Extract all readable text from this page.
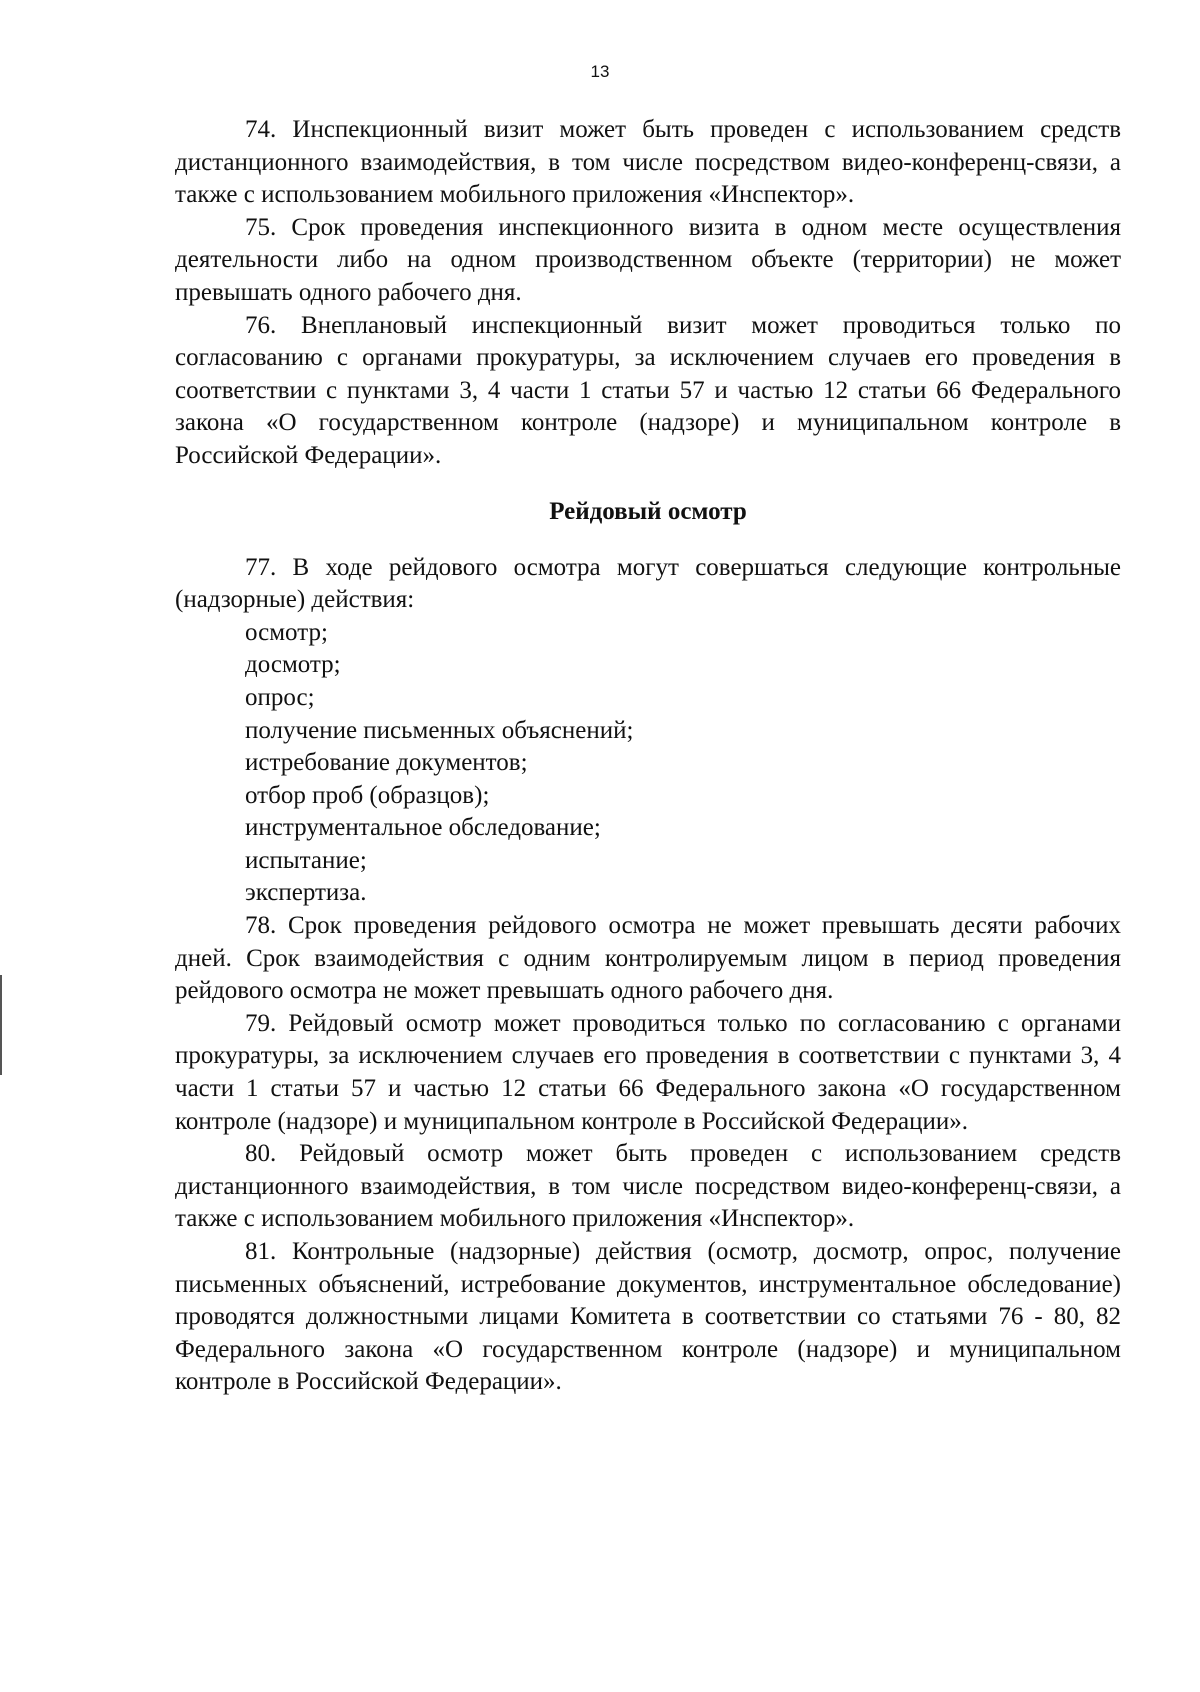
13

74. Инспекционный визит может быть проведен с использованием средств дистанционного взаимодействия, в том числе посредством видео-конференц-связи, а также с использованием мобильного приложения «Инспектор».

75. Срок проведения инспекционного визита в одном месте осуществления деятельности либо на одном производственном объекте (территории) не может превышать одного рабочего дня.

76. Внеплановый инспекционный визит может проводиться только по согласованию с органами прокуратуры, за исключением случаев его проведения в соответствии с пунктами 3, 4 части 1 статьи 57 и частью 12 статьи 66 Федерального закона «О государственном контроле (надзоре) и муниципальном контроле в Российской Федерации».

Рейдовый осмотр

77. В ходе рейдового осмотра могут совершаться следующие контрольные (надзорные) действия:

осмотр;

досмотр;

опрос;

получение письменных объяснений;

истребование документов;

отбор проб (образцов);

инструментальное обследование;

испытание;

экспертиза.

78. Срок проведения рейдового осмотра не может превышать десяти рабочих дней. Срок взаимодействия с одним контролируемым лицом в период проведения рейдового осмотра не может превышать одного рабочего дня.

79. Рейдовый осмотр может проводиться только по согласованию с органами прокуратуры, за исключением случаев его проведения в соответствии с пунктами 3, 4 части 1 статьи 57 и частью 12 статьи 66 Федерального закона «О государственном контроле (надзоре) и муниципальном контроле в Российской Федерации».

80. Рейдовый осмотр может быть проведен с использованием средств дистанционного взаимодействия, в том числе посредством видео-конференц-связи, а также с использованием мобильного приложения «Инспектор».

81. Контрольные (надзорные) действия (осмотр, досмотр, опрос, получение письменных объяснений, истребование документов, инструментальное обследование) проводятся должностными лицами Комитета в соответствии со статьями 76 - 80, 82 Федерального закона «О государственном контроле (надзоре) и муниципальном контроле в Российской Федерации».
